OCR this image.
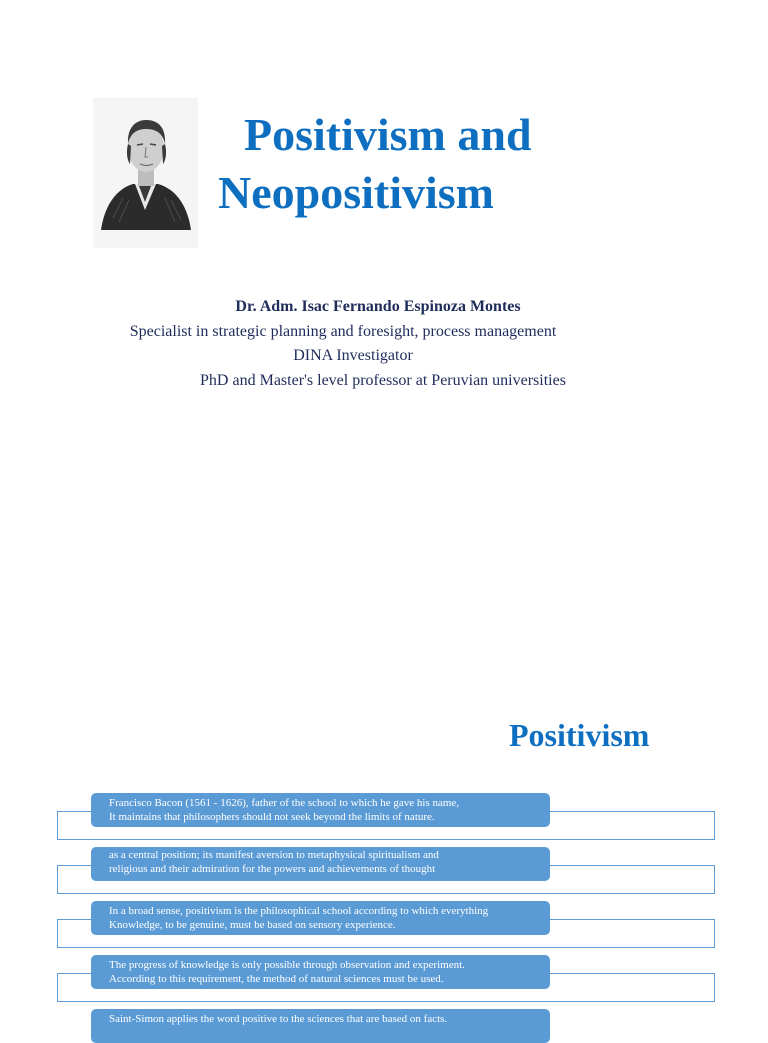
Positivism and
Neopositivism
Dr. Adm. Isac Fernando Espinoza Montes
Specialist in strategic planning and foresight, process management
DINA Investigator
PhD and Master's level professor at Peruvian universities
Positivism
Francisco Bacon (1561 - 1626), father of the school to which he gave his name,
It maintains that philosophers should not seek beyond the limits of nature.
as a central position; its manifest aversion to metaphysical spiritualism and
religious and their admiration for the powers and achievements of thought
In a broad sense, positivism is the philosophical school according to which everything
Knowledge, to be genuine, must be based on sensory experience.
The progress of knowledge is only possible through observation and experiment.
According to this requirement, the method of natural sciences must be used.
Saint-Simon applies the word positive to the sciences that are based on facts.
